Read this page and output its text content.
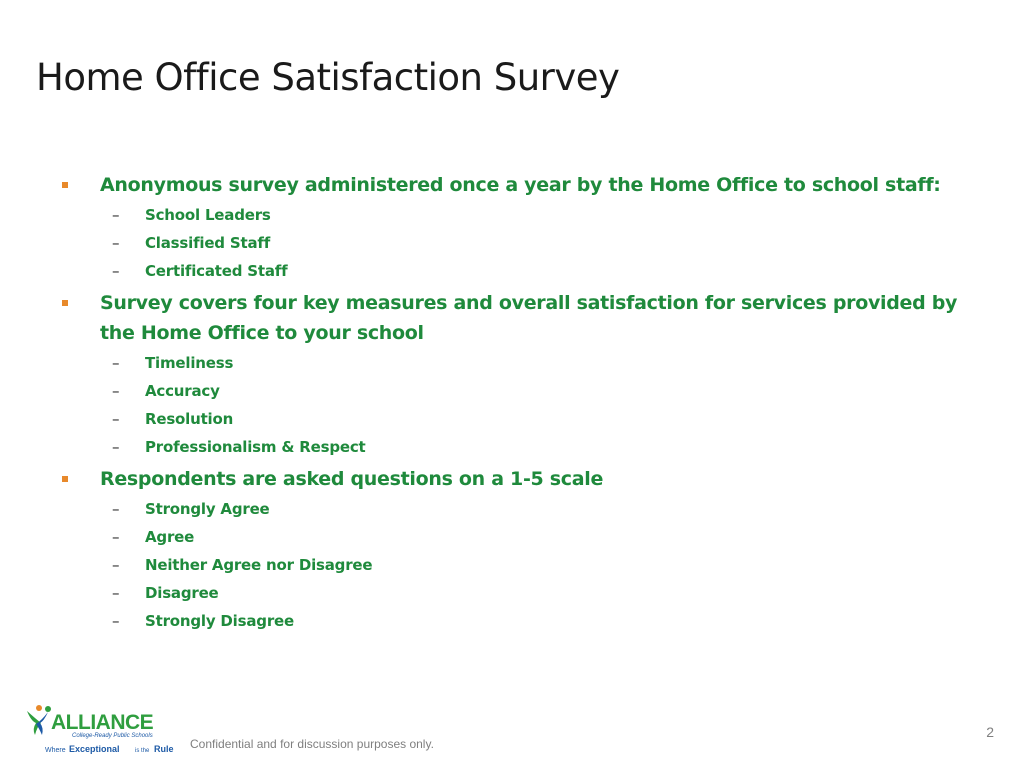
Home Office Satisfaction Survey
Anonymous survey administered once a year by the Home Office to school staff:
– School Leaders
– Classified Staff
– Certificated Staff
Survey covers four key measures and overall satisfaction for services provided by the Home Office to your school
– Timeliness
– Accuracy
– Resolution
– Professionalism & Respect
Respondents are asked questions on a 1-5 scale
– Strongly Agree
– Agree
– Neither Agree nor Disagree
– Disagree
– Strongly Disagree
ALLIANCE
College-Ready Public Schools
Where Exceptional	is the Rule Confidential and for discussion purposes only.
2
